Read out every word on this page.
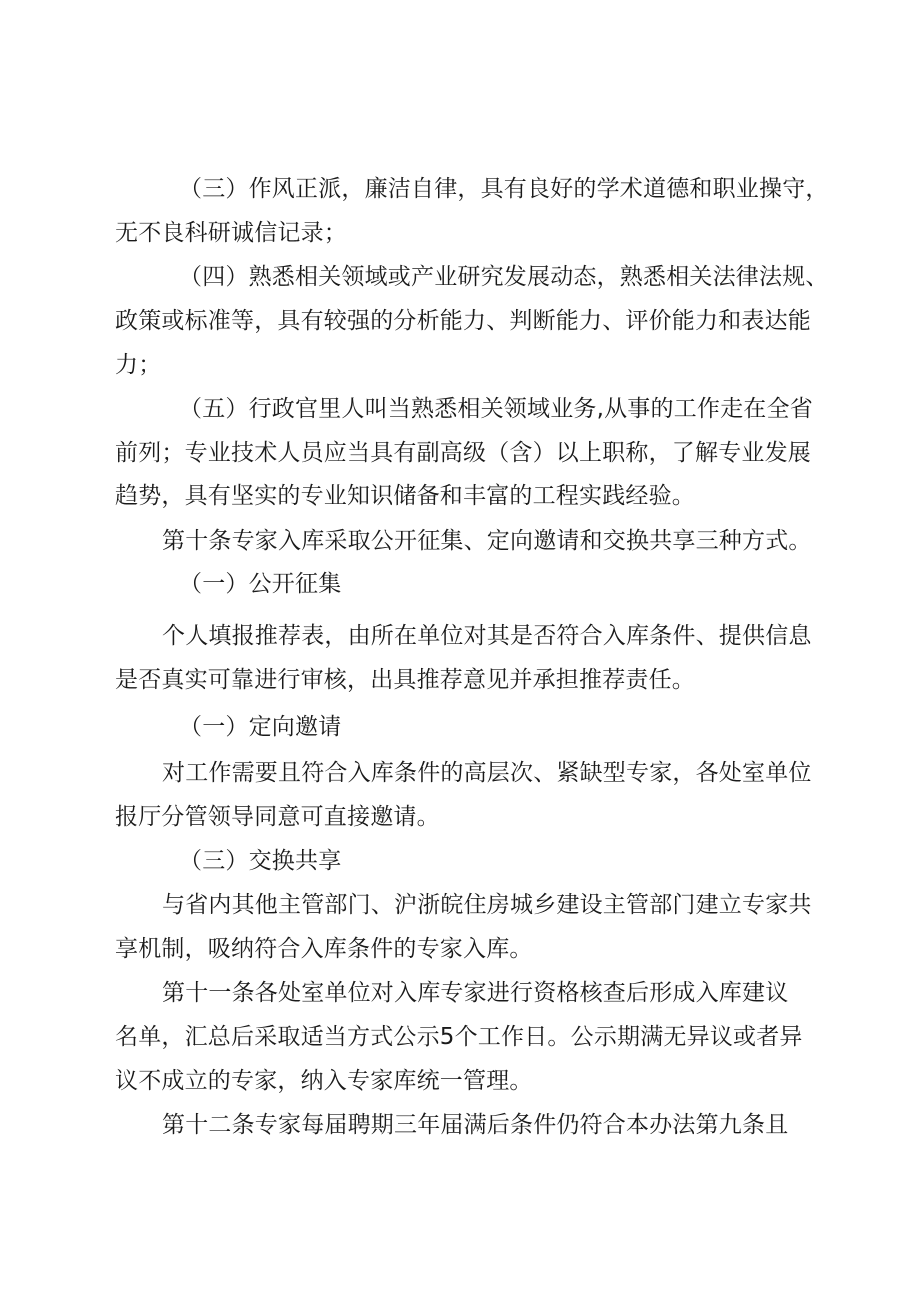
（三）作风正派，廉洁自律，具有良好的学术道德和职业操守，

无不良科研诚信记录；

（四）熟悉相关领域或产业研究发展动态，熟悉相关法律法规、

政策或标准等，具有较强的分析能力、判断能力、评价能力和表达能

力；

（五）行政官里人叫当熟悉相关领域业务,从事的工作走在全省

前列；专业技术人员应当具有副高级（含）以上职称，了解专业发展

趋势，具有坚实的专业知识储备和丰富的工程实践经验。

第十条专家入库采取公开征集、定向邀请和交换共享三种方式。

（一）公开征集

个人填报推荐表，由所在单位对其是否符合入库条件、提供信息

是否真实可靠进行审核，出具推荐意见并承担推荐责任。

（一）定向邀请

对工作需要且符合入库条件的高层次、紧缺型专家，各处室单位

报厅分管领导同意可直接邀请。

（三）交换共享

与省内其他主管部门、沪浙皖住房城乡建设主管部门建立专家共

享机制，吸纳符合入库条件的专家入库。

第十一条各处室单位对入库专家进行资格核查后形成入库建议

名单，汇总后采取适当方式公示5个工作日。公示期满无异议或者异

议不成立的专家，纳入专家库统一管理。

第十二条专家每届聘期三年届满后条件仍符合本办法第九条且
